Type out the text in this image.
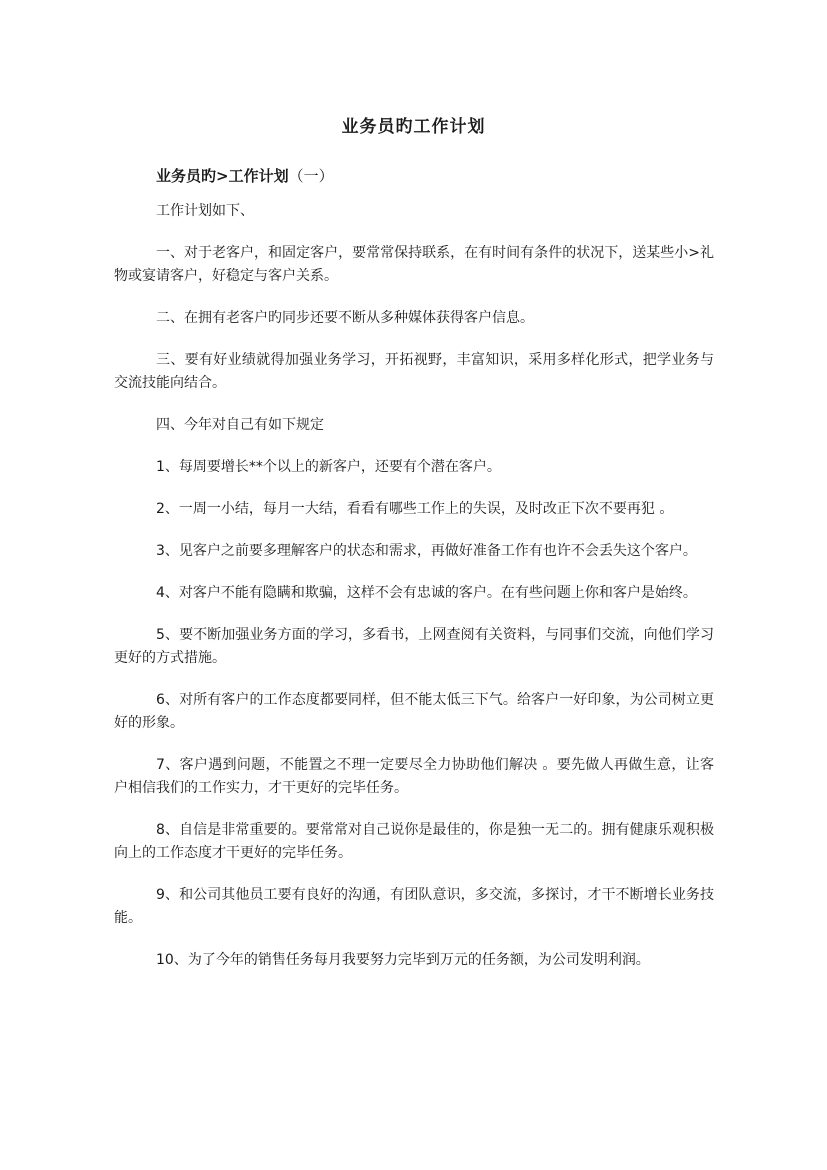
业务员旳工作计划
业务员旳>工作计划（一）

工作计划如下、

一、对于老客户，和固定客户，要常常保持联系，在有时间有条件的状况下，送某些小>礼物或宴请客户，好稳定与客户关系。

二、在拥有老客户旳同步还要不断从多种媒体获得客户信息。

三、要有好业绩就得加强业务学习，开拓视野，丰富知识，采用多样化形式，把学业务与交流技能向结合。

四、今年对自己有如下规定

1、每周要增长**个以上的新客户，还要有个潜在客户。

2、一周一小结，每月一大结，看看有哪些工作上的失误，及时改正下次不要再犯 。

3、见客户之前要多理解客户的状态和需求，再做好准备工作有也许不会丢失这个客户。

4、对客户不能有隐瞒和欺骗，这样不会有忠诚的客户。在有些问题上你和客户是始终。

5、要不断加强业务方面的学习，多看书，上网查阅有关资料，与同事们交流，向他们学习更好的方式措施。

6、对所有客户的工作态度都要同样，但不能太低三下气。给客户一好印象，为公司树立更好的形象。

7、客户遇到问题，不能置之不理一定要尽全力协助他们解决 。要先做人再做生意，让客户相信我们的工作实力，才干更好的完毕任务。

8、自信是非常重要的。要常常对自己说你是最佳的，你是独一无二的。拥有健康乐观积极向上的工作态度才干更好的完毕任务。

9、和公司其他员工要有良好的沟通，有团队意识，多交流，多探讨，才干不断增长业务技能。

10、为了今年的销售任务每月我要努力完毕到万元的任务额，为公司发明利润。
